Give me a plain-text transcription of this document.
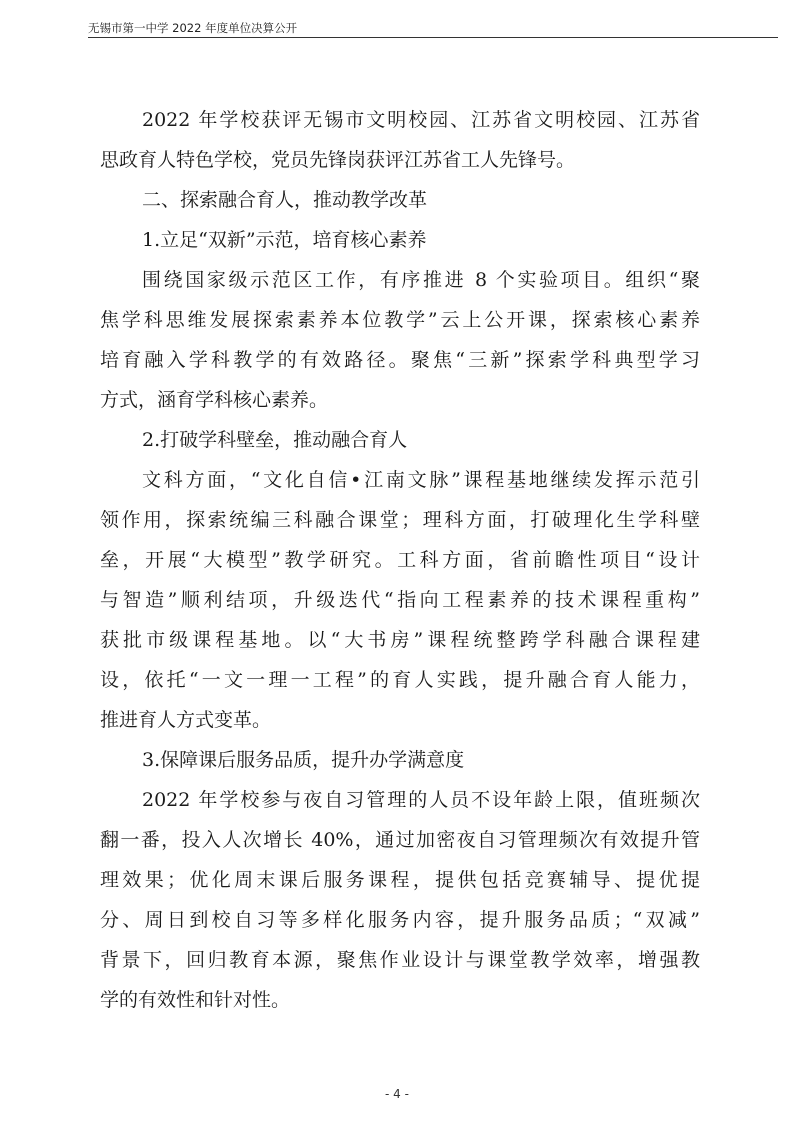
无锡市第一中学 2022 年度单位决算公开
2022 年学校获评无锡市文明校园、江苏省文明校园、江苏省
思政育人特色学校，党员先锋岗获评江苏省工人先锋号。
二、探索融合育人，推动教学改革
1.立足“双新”示范，培育核心素养
围绕国家级示范区工作，有序推进 8 个实验项目。组织“聚
焦学科思维发展探索素养本位教学”云上公开课，探索核心素养
培育融入学科教学的有效路径。聚焦“三新”探索学科典型学习
方式，涵育学科核心素养。
2.打破学科壁垒，推动融合育人
文科方面，“文化自信•江南文脉”课程基地继续发挥示范引
领作用，探索统编三科融合课堂；理科方面，打破理化生学科壁
垒，开展“大模型”教学研究。工科方面，省前瞻性项目“设计
与智造”顺利结项，升级迭代“指向工程素养的技术课程重构”
获批市级课程基地。以“大书房”课程统整跨学科融合课程建
设，依托“一文一理一工程”的育人实践，提升融合育人能力，
推进育人方式变革。
3.保障课后服务品质，提升办学满意度
2022 年学校参与夜自习管理的人员不设年龄上限，值班频次
翻一番，投入人次增长 40%，通过加密夜自习管理频次有效提升管
理效果；优化周末课后服务课程，提供包括竞赛辅导、提优提
分、周日到校自习等多样化服务内容，提升服务品质；“双减”
背景下，回归教育本源，聚焦作业设计与课堂教学效率，增强教
学的有效性和针对性。
- 4 -
